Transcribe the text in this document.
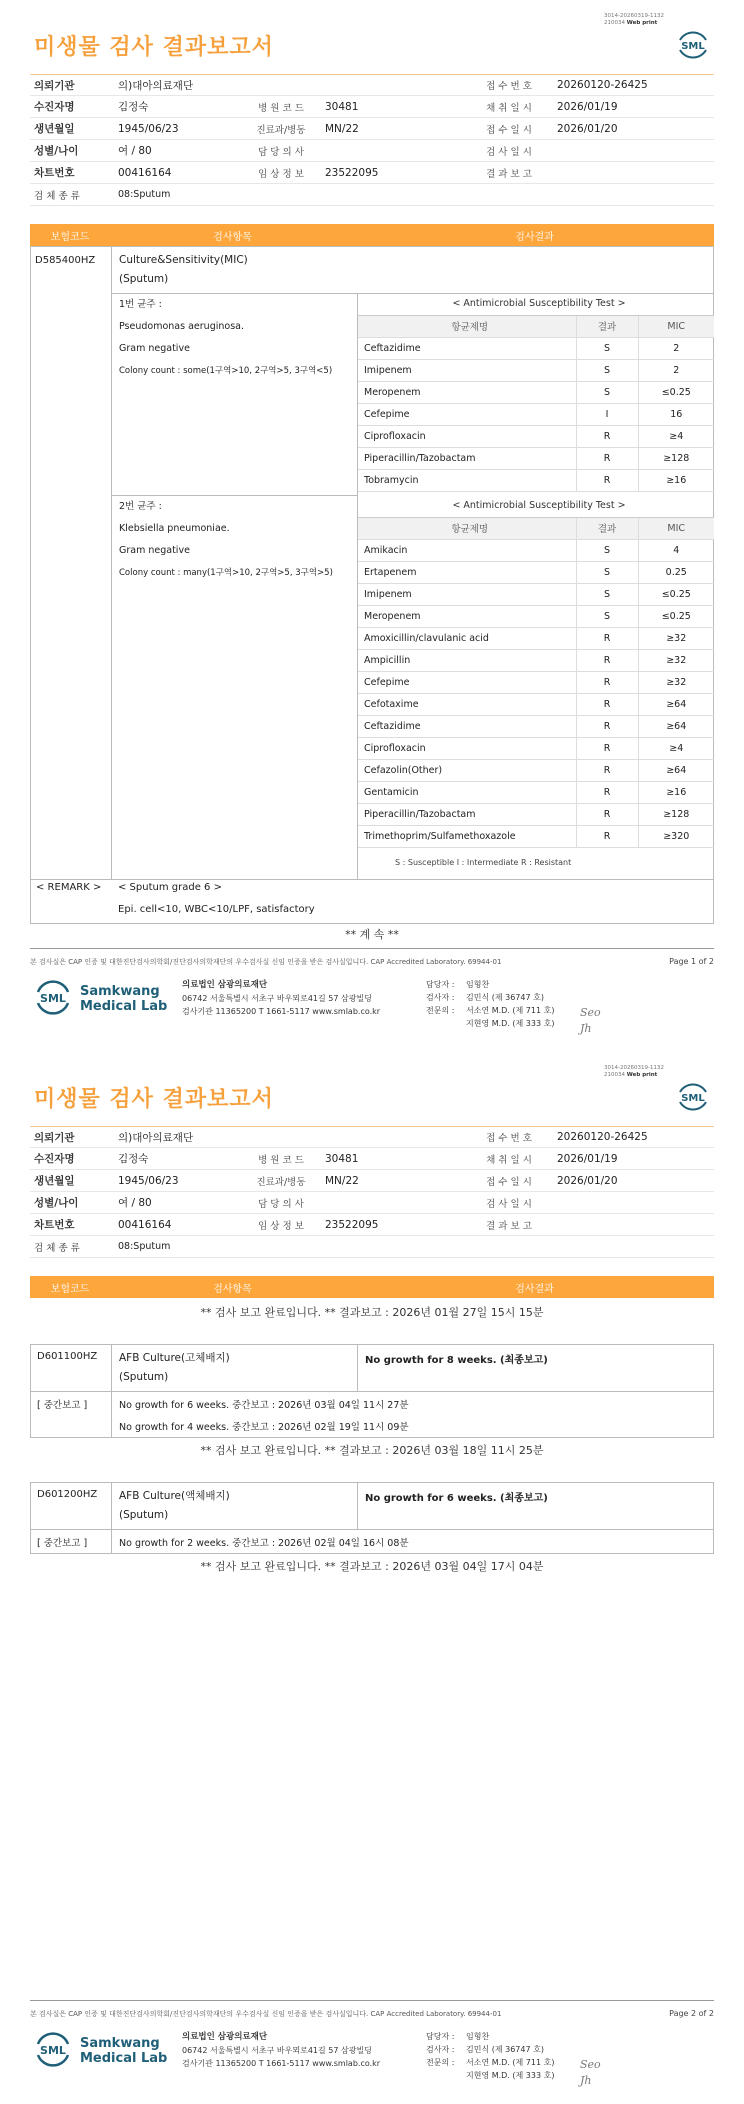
3014-20260319-1132
210034 Web print
미생물 검사 결과보고서	SML
의뢰기관	의)대아의료재단	접 수 번 호	20260120-26425
수진자명	김정숙	병 원 코 드	30481	채 취 일 시	2026/01/19
생년월일	1945/06/23	진료과/병동	MN/22	접 수 일 시	2026/01/20
성별/나이	여 / 80	담 당 의 사	검 사 일 시
차트번호	00416164	임 상 정 보	23522095	결 과 보 고
검 체 종 류	08:Sputum
보험코드	검사항목	검사결과
D585400HZ Culture&Sensitivity(MIC)
(Sputum)
1번 균주 :
Pseudomonas aeruginosa.
Gram negative
Colony count : some(1구역>10, 2구역>5, 3구역<5)
2번 균주 :
Klebsiella pneumoniae.
Gram negative
Colony count : many(1구역>10, 2구역>5, 3구역>5)
S : Susceptible I : Intermediate R : Resistant
< Antimicrobial Susceptibility Test >		
항균제명	결과	MIC
Ceftazidime	S	2
Imipenem	S	2
Meropenem	S	≤0.25
Cefepime	I	16
Ciprofloxacin	R	≥4
Piperacillin/Tazobactam	R	≥128
Tobramycin	R	≥16
< Antimicrobial Susceptibility Test >		
항균제명	결과	MIC
Amikacin	S	4
Ertapenem	S	0.25
Imipenem	S	≤0.25
Meropenem	S	≤0.25
Amoxicillin/clavulanic acid	R	≥32
Ampicillin	R	≥32
Cefepime	R	≥32
Cefotaxime	R	≥64
Ceftazidime	R	≥64
Ciprofloxacin	R	≥4
Cefazolin(Other)	R	≥64
Gentamicin	R	≥16
Piperacillin/Tazobactam	R	≥128
Trimethoprim/Sulfamethoxazole	R	≥320
< REMARK > < Sputum grade 6 >
Epi. cell<10, WBC<10/LPF, satisfactory
** 계 속 **
본 검사실은 CAP 인증 및 대한진단검사의학회/진단검사의학재단의 우수검사실 신임 인증을 받은 검사실입니다. CAP Accredited Laboratory. 69944-01	Page 1 of 2
SML Samkwang
Medical Lab
의료법인 삼광의료재단
06742 서울특별시 서초구 바우뫼로41길 57 삼광빌딩
검사기관 11365200 T 1661-5117 www.smlab.co.kr
담당자 : 임형찬
검사자 : 김민식 (제 36747 호)
전문의 : 서소연 M.D. (제 711 호)
지현영 M.D. (제 333 호)
Seo
Jh
3014-20260319-1132
210034 Web print
미생물 검사 결과보고서	SML
의뢰기관	의)대아의료재단	접 수 번 호	20260120-26425
수진자명	김정숙	병 원 코 드	30481	채 취 일 시	2026/01/19
생년월일	1945/06/23	진료과/병동	MN/22	접 수 일 시	2026/01/20
성별/나이	여 / 80	담 당 의 사	검 사 일 시
차트번호	00416164	임 상 정 보	23522095	결 과 보 고
검 체 종 류	08:Sputum
보험코드	검사항목	검사결과
** 검사 보고 완료입니다. ** 결과보고 : 2026년 01월 27일 15시 15분
D601100HZ AFB Culture(고체배지)
(Sputum)
No growth for 8 weeks. (최종보고)
[ 중간보고 ]	No growth for 6 weeks. 중간보고 : 2026년 03월 04일 11시 27분
No growth for 4 weeks. 중간보고 : 2026년 02월 19일 11시 09분
** 검사 보고 완료입니다. ** 결과보고 : 2026년 03월 18일 11시 25분
D601200HZ AFB Culture(액체배지)
(Sputum)
No growth for 6 weeks. (최종보고)
[ 중간보고 ]	No growth for 2 weeks. 중간보고 : 2026년 02월 04일 16시 08분
** 검사 보고 완료입니다. ** 결과보고 : 2026년 03월 04일 17시 04분
본 검사실은 CAP 인증 및 대한진단검사의학회/진단검사의학재단의 우수검사실 신임 인증을 받은 검사실입니다. CAP Accredited Laboratory. 69944-01	Page 2 of 2
SML Samkwang
Medical Lab
의료법인 삼광의료재단
06742 서울특별시 서초구 바우뫼로41길 57 삼광빌딩
검사기관 11365200 T 1661-5117 www.smlab.co.kr
담당자 : 임형찬
검사자 : 김민식 (제 36747 호)
전문의 : 서소연 M.D. (제 711 호)
지현영 M.D. (제 333 호)
Seo
Jh
